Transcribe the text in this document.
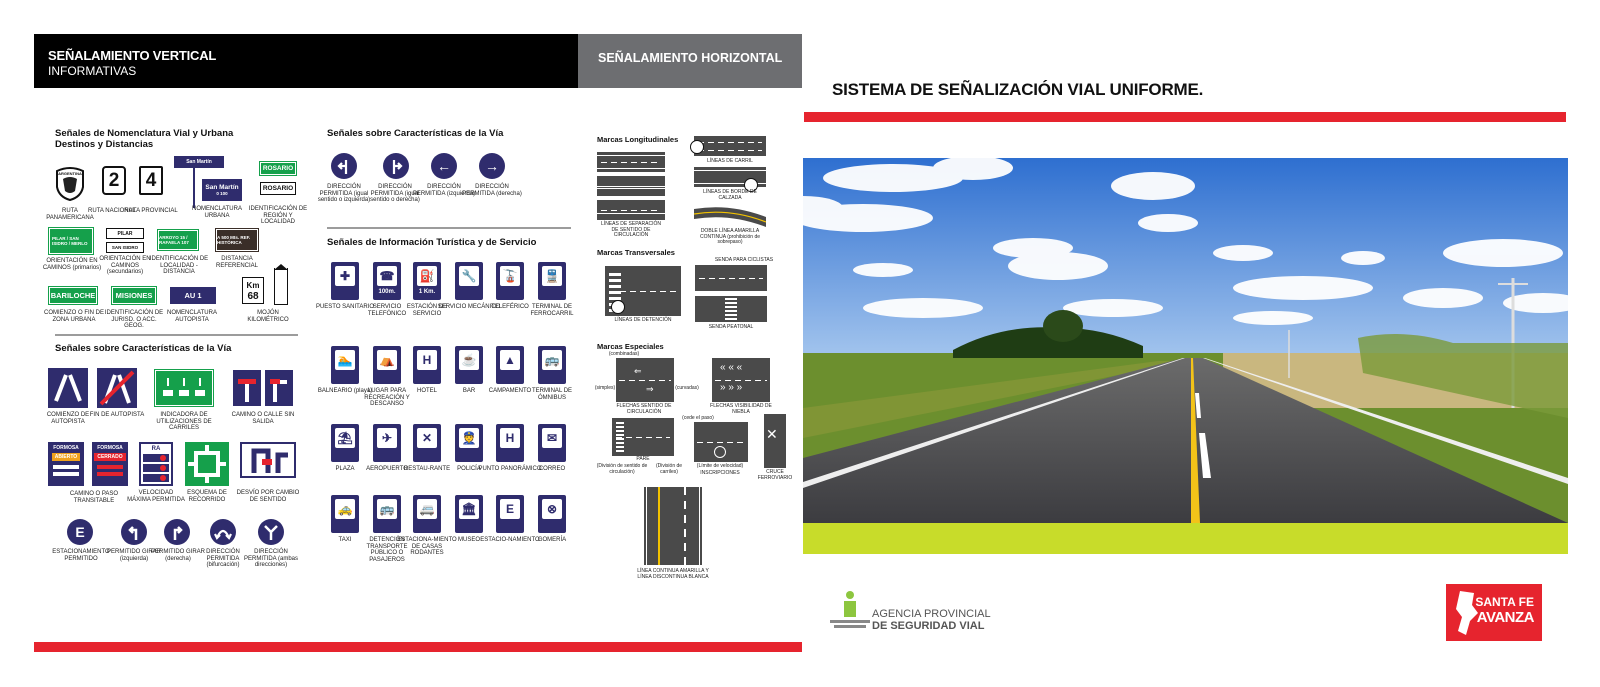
SEÑALAMIENTO VERTICAL
INFORMATIVAS
SEÑALAMIENTO HORIZONTAL
Señales de Nomenclatura Vial y Urbana
Destinos y Distancias
ARGENTINA	2	4
San Martín
San Martín
0 100
ROSARIO
ROSARIO
RUTA PANAMERICANA
RUTA NACIONAL
RUTA PROVINCIAL	NOMENCLATURA URBANA
IDENTIFICACIÓN DE REGIÓN Y LOCALIDAD
PILAR / SAN ISIDRO / MERLO
PILAR
SAN ISIDRO
ARROYO 15 / RAFAELA 107
A 500 Mts. REF. HISTÓRICA
ORIENTACIÓN EN CAMINOS (primarios)
ORIENTACIÓN EN CAMINOS (secundarios)
IDENTIFICACIÓN DE LOCALIDAD - DISTANCIA
DISTANCIA REFERENCIAL
BARILOCHE	MISIONES	AU 1
Km
68
COMIENZO O FIN DE ZONA URBANA
IDENTIFICACIÓN DE JURISD. O ACC. GEOG.
NOMENCLATURA AUTOPISTA
MOJÓN KILOMÉTRICO
Señales sobre Características de la Vía
COMIENZO DE AUTOPISTA
FIN DE AUTOPISTA	INDICADORA DE UTILIZACIONES DE CARRILES
CAMINO O CALLE SIN SALIDA
FORMOSA
ABIERTO
FORMOSA
CERRADO
RA
CAMINO O PASO TRANSITABLE
VELOCIDAD MÁXIMA PERMITIDA
ESQUEMA DE RECORRIDO
DESVÍO POR CAMBIO DE SENTIDO
E
ESTACIONAMIENTO PERMITIDO
PERMITIDO GIRAR (izquierda)
PERMITIDO GIRAR (derecha)
DIRECCIÓN PERMITIDA (bifurcación)
DIRECCIÓN PERMITIDA (ambas direcciones)
Señales sobre Características de la Vía
←	→
DIRECCIÓN PERMITIDA (igual sentido o izquierda)
DIRECCIÓN PERMITIDA (igual sentido o derecha)
DIRECCIÓN PERMITIDA (izquierda)
DIRECCIÓN PERMITIDA (derecha)
Señales de Información Turística y de Servicio
✚
PUESTO SANITARIO
☎
100m.
SERVICIO TELEFÓNICO
⛽
1 Km.
ESTACIÓN DE SERVICIO
🔧
SERVICIO MECÁNICO
🚡
TELEFÉRICO
🚆
TERMINAL DE FERROCARRIL
🏊
BALNEARIO (playa)
⛺
LUGAR PARA RECREACIÓN Y DESCANSO
H
HOTEL
☕
BAR
▲
CAMPAMENTO
🚌
TERMINAL DE ÓMNIBUS
⛱
PLAZA
✈
AEROPUERTO
✕
RESTAU-RANTE
👮
POLICÍA
H
PUNTO PANORÁMICO
✉
CORREO
🚕
TAXI
🚌
DETENCIÓN TRANSPORTE PÚBLICO O PASAJEROS
🚐
ESTACIONA-MIENTO DE CASAS RODANTES
🏛
MUSEO
E
ESTACIO-NAMIENTO
⊗
GOMERÍA
Marcas Longitudinales
LÍNEAS DE SEPARACIÓN DE SENTIDO DE CIRCULACIÓN
LÍNEAS DE CARRIL
LÍNEAS DE BORDE DE CALZADA
DOBLE LÍNEA AMARILLA CONTINUA (prohibición de sobrepaso)
Marcas Transversales
LÍNEAS DE DETENCIÓN
SENDA PARA CICLISTAS
SENDA PEATONAL
Marcas Especiales
(combinadas)
(simples)
⇐
⇒	(curvadas)
FLECHAS SENTIDO DE CIRCULACIÓN
« « «
» » »
FLECHAS VISIBILIDAD DE NIEBLA
(cede el paso)
PARE
(División de sentido de circulación)
(División de carriles)
(Límite de velocidad)
INSCRIPCIONES
✕
CRUCE FERROVIARIO
LÍNEA CONTINUA AMARILLA Y LÍNEA DISCONTINUA BLANCA
SISTEMA DE SEÑALIZACIÓN VIAL UNIFORME.
AGENCIA PROVINCIAL
DE SEGURIDAD VIAL
SANTA FE
AVANZA
